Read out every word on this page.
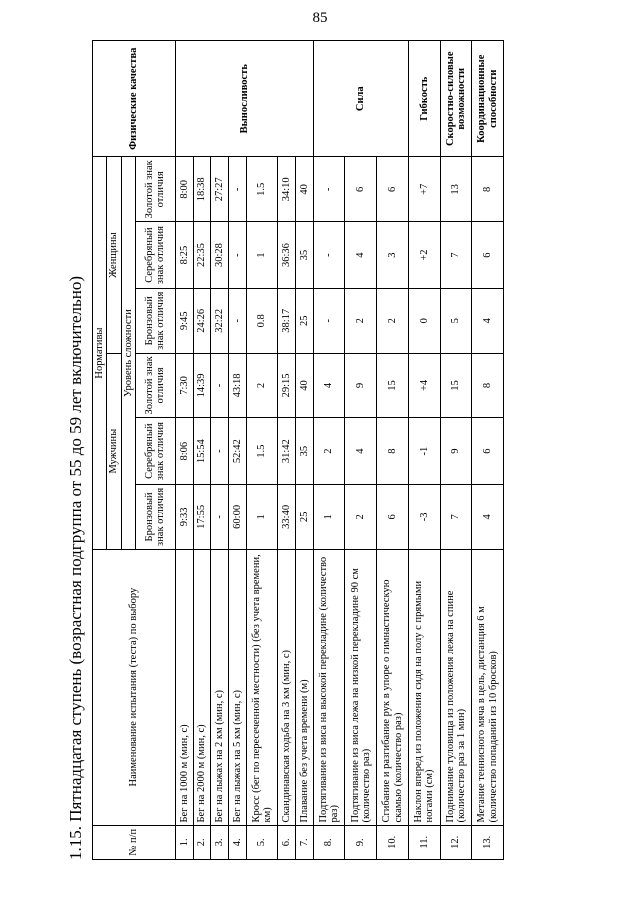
85
1.15. Пятнадцатая ступень (возрастная подгруппа от 55 до 59 лет включительно)	№ п/п	Наименование испытания (теста) по выбору	Нормативы						Физические качества
		Мужчины			Женщины			
		Уровень сложности						
		Бронзовый знак отличия	Серебряный знак отличия	Золотой знак отличия	Бронзовый знак отличия	Серебряный знак отличия	Золотой знак отличия	
1.	Бег на 1000 м (мин, с)	9:33	8:06	7:30	9:45	8:25	8:00	Выносливость
2.	Бег на 2000 м (мин, с)	17:55	15:54	14:39	24:26	22:35	18:38	
3.	Бег на лыжах на 2 км (мин, с)	-	-	-	32:22	30:28	27:27	
4.	Бег на лыжах на 5 км (мин, с)	60:00	52:42	43:18	-	-	-	
5.	Кросс (бег по пересеченной местности) (без учета времени, км)	1	1.5	2	0.8	1	1.5	
6.	Скандинавская ходьба на 3 км (мин, с)	33:40	31:42	29:15	38:17	36:36	34:10	
7.	Плавание без учета времени (м)	25	35	40	25	35	40	
8.	Подтягивание из виса на высокой перекладине (количество раз)	1	2	4	-	-	-	Сила
9.	Подтягивание из виса лежа на низкой перекладине 90 см (количество раз)	2	4	9	2	4	6	
10.	Сгибание и разгибание рук в упоре о гимнастическую скамью (количество раз)	6	8	15	2	3	6	
11.	Наклон вперед из положения сидя на полу с прямыми ногами (см)	-3	-1	+4	0	+2	+7	Гибкость
12.	Поднимание туловища из положения лежа на спине (количество раз за 1 мин)	7	9	15	5	7	13	Скоростно-силовые возможности
13.	Метание теннисного мяча в цель, дистанция 6 м (количество попаданий из 10 бросков)	4	6	8	4	6	8	Координационные способности
